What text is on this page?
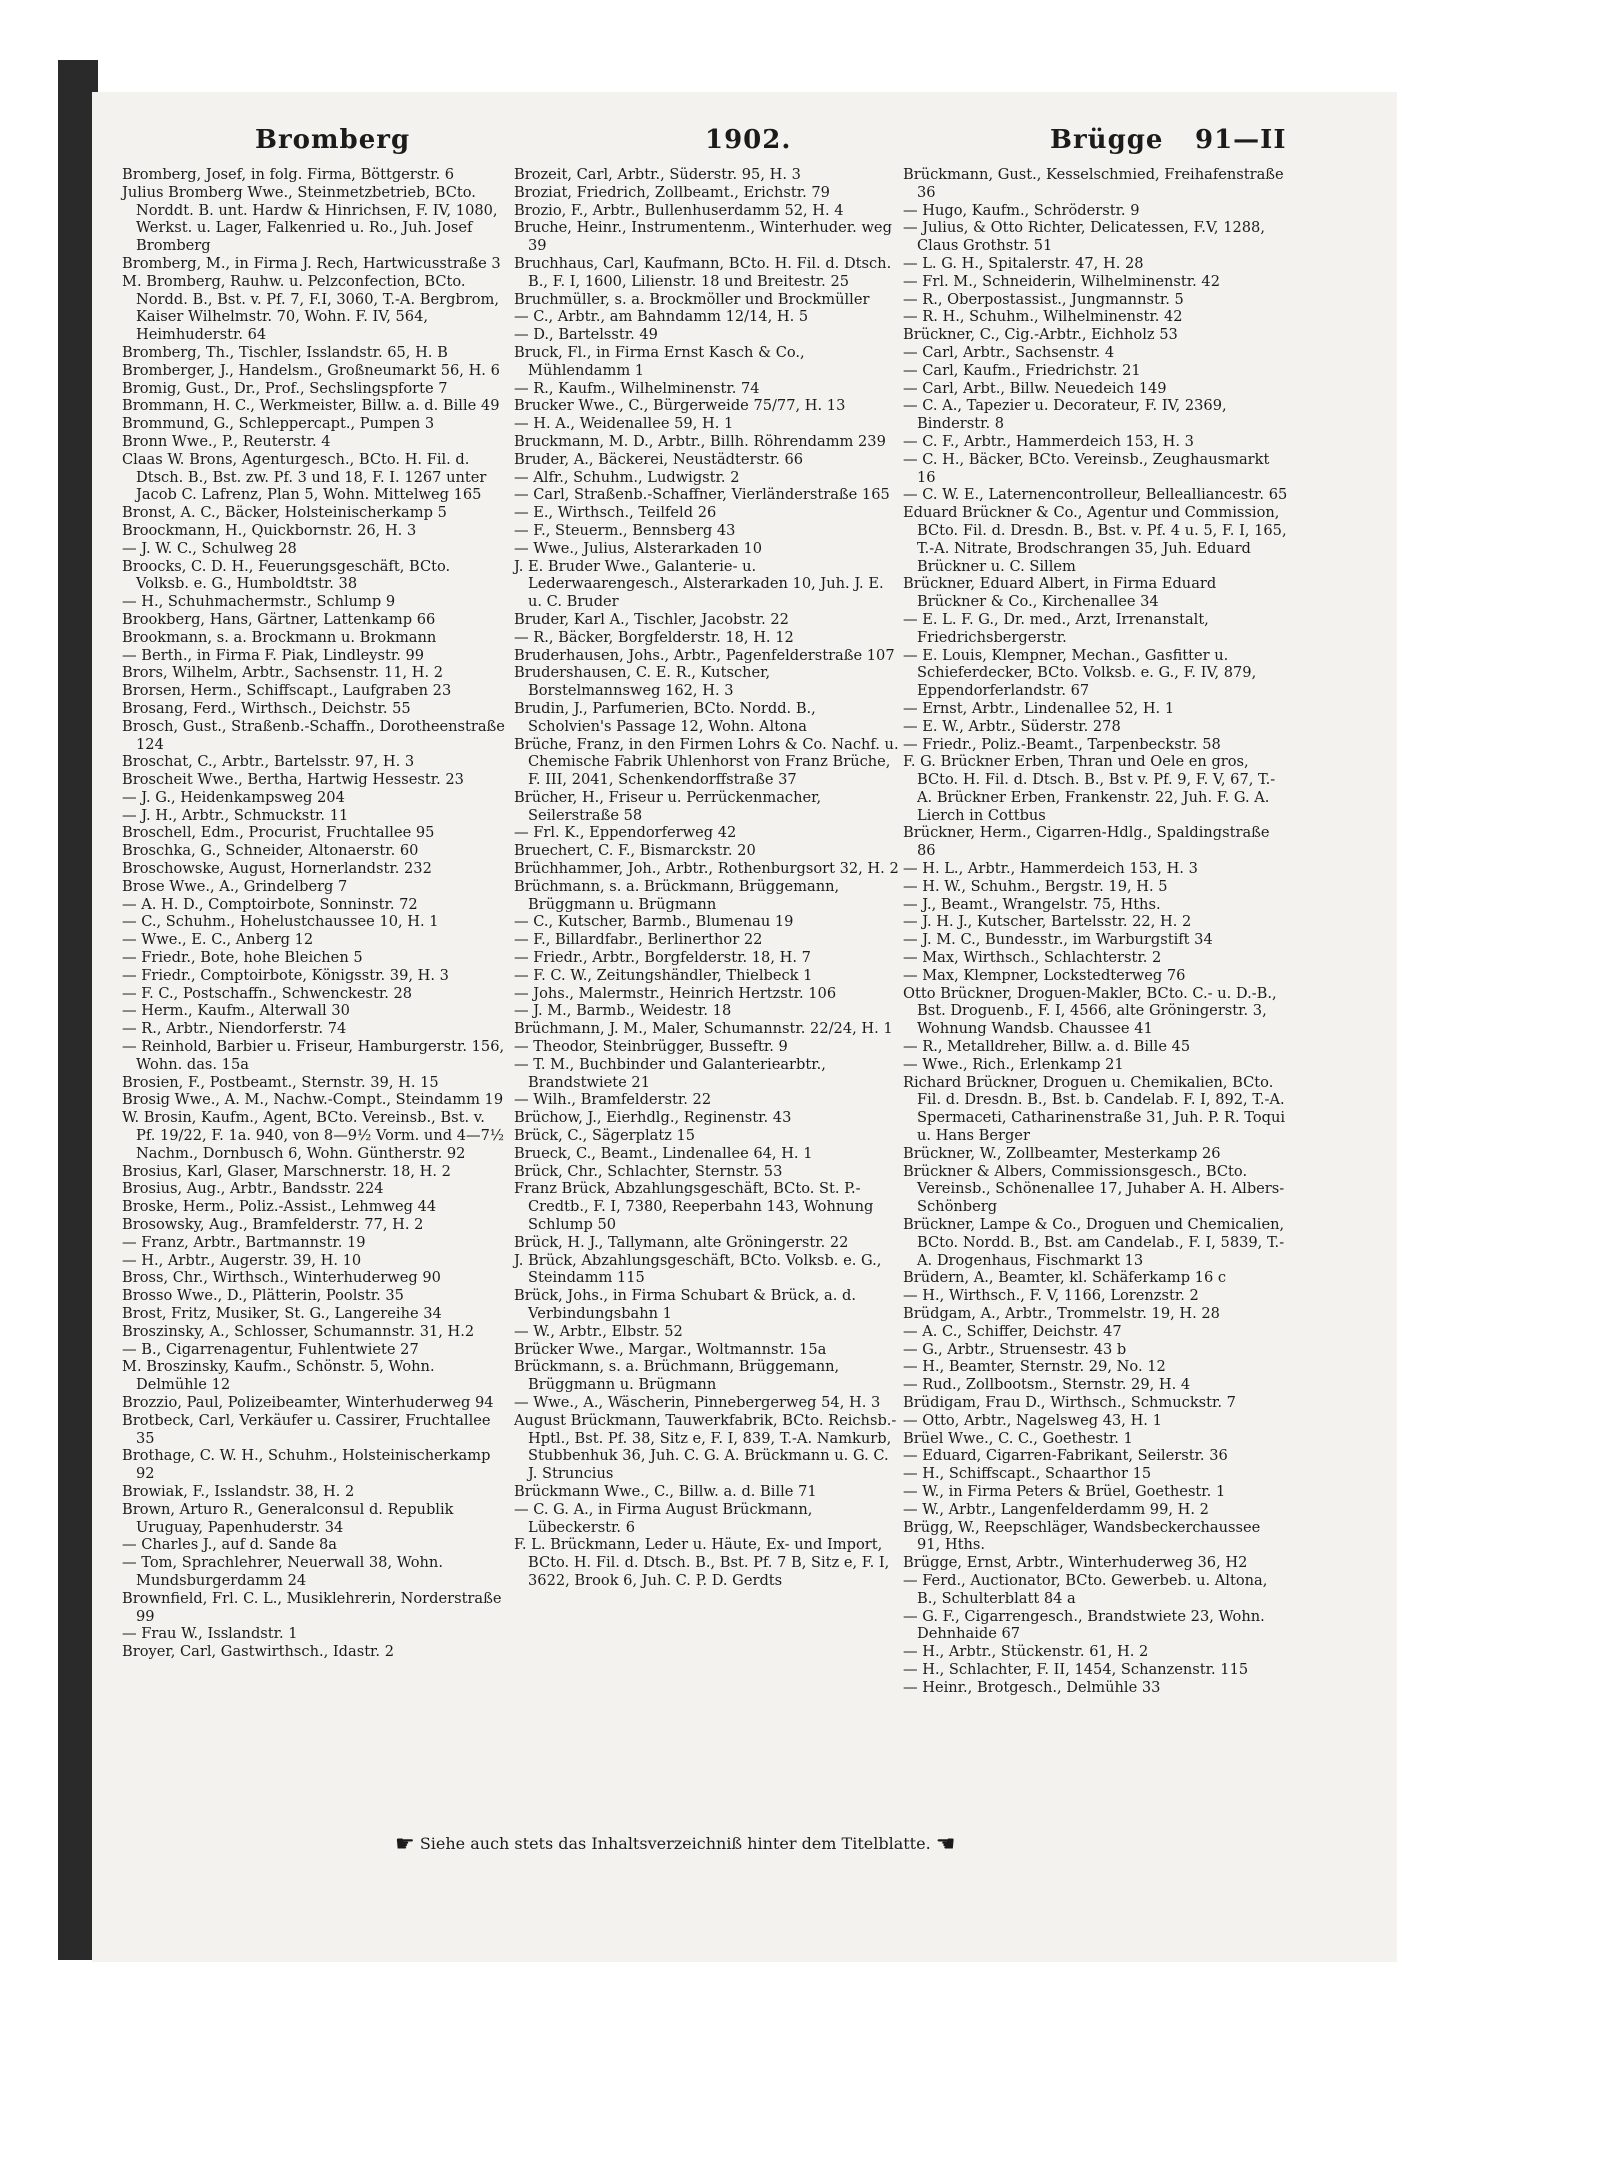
Bromberg	1902.	Brügge 91—II

Bromberg, Josef, in folg. Firma, Böttgerstr. 6

Julius Bromberg Wwe., Steinmetzbetrieb, BCto. Norddt. B. unt. Hardw & Hinrichsen, F. IV, 1080, Werkst. u. Lager, Falkenried u. Ro., Juh. Josef Bromberg

Bromberg, M., in Firma J. Rech, Hartwicusstraße 3

M. Bromberg, Rauhw. u. Pelzconfection, BCto. Nordd. B., Bst. v. Pf. 7, F.I, 3060, T.-A. Bergbrom, Kaiser Wilhelmstr. 70, Wohn. F. IV, 564, Heimhuderstr. 64

Bromberg, Th., Tischler, Isslandstr. 65, H. B

Bromberger, J., Handelsm., Großneumarkt 56, H. 6

Bromig, Gust., Dr., Prof., Sechslingspforte 7

Brommann, H. C., Werkmeister, Billw. a. d. Bille 49

Brommund, G., Schleppercapt., Pumpen 3

Bronn Wwe., P., Reuterstr. 4

Claas W. Brons, Agenturgesch., BCto. H. Fil. d. Dtsch. B., Bst. zw. Pf. 3 und 18, F. I. 1267 unter Jacob C. Lafrenz, Plan 5, Wohn. Mittelweg 165

Bronst, A. C., Bäcker, Holsteinischerkamp 5

Broockmann, H., Quickbornstr. 26, H. 3

— J. W. C., Schulweg 28

Broocks, C. D. H., Feuerungsgeschäft, BCto. Volksb. e. G., Humboldtstr. 38

— H., Schuhmachermstr., Schlump 9

Brookberg, Hans, Gärtner, Lattenkamp 66

Brookmann, s. a. Brockmann u. Brokmann

— Berth., in Firma F. Piak, Lindleystr. 99

Brors, Wilhelm, Arbtr., Sachsenstr. 11, H. 2

Brorsen, Herm., Schiffscapt., Laufgraben 23

Brosang, Ferd., Wirthsch., Deichstr. 55

Brosch, Gust., Straßenb.-Schaffn., Dorotheenstraße 124

Broschat, C., Arbtr., Bartelsstr. 97, H. 3

Broscheit Wwe., Bertha, Hartwig Hessestr. 23

— J. G., Heidenkampsweg 204

— J. H., Arbtr., Schmuckstr. 11

Broschell, Edm., Procurist, Fruchtallee 95

Broschka, G., Schneider, Altonaerstr. 60

Broschowske, August, Hornerlandstr. 232

Brose Wwe., A., Grindelberg 7

— A. H. D., Comptoirbote, Sonninstr. 72

— C., Schuhm., Hohelustchaussee 10, H. 1

— Wwe., E. C., Anberg 12

— Friedr., Bote, hohe Bleichen 5

— Friedr., Comptoirbote, Königsstr. 39, H. 3

— F. C., Postschaffn., Schwenckestr. 28

— Herm., Kaufm., Alterwall 30

— R., Arbtr., Niendorferstr. 74

— Reinhold, Barbier u. Friseur, Hamburgerstr. 156, Wohn. das. 15a

Brosien, F., Postbeamt., Sternstr. 39, H. 15

Brosig Wwe., A. M., Nachw.-Compt., Steindamm 19

W. Brosin, Kaufm., Agent, BCto. Vereinsb., Bst. v. Pf. 19/22, F. 1a. 940, von 8—9½ Vorm. und 4—7½ Nachm., Dornbusch 6, Wohn. Güntherstr. 92

Brosius, Karl, Glaser, Marschnerstr. 18, H. 2

Brosius, Aug., Arbtr., Bandsstr. 224

Broske, Herm., Poliz.-Assist., Lehmweg 44

Brosowsky, Aug., Bramfelderstr. 77, H. 2

— Franz, Arbtr., Bartmannstr. 19

— H., Arbtr., Augerstr. 39, H. 10

Bross, Chr., Wirthsch., Winterhuderweg 90

Brosso Wwe., D., Plätterin, Poolstr. 35

Brost, Fritz, Musiker, St. G., Langereihe 34

Broszinsky, A., Schlosser, Schumannstr. 31, H.2

— B., Cigarrenagentur, Fuhlentwiete 27

M. Broszinsky, Kaufm., Schönstr. 5, Wohn. Delmühle 12

Brozzio, Paul, Polizeibeamter, Winterhuderweg 94

Brotbeck, Carl, Verkäufer u. Cassirer, Fruchtallee 35

Brothage, C. W. H., Schuhm., Holsteinischerkamp 92

Browiak, F., Isslandstr. 38, H. 2

Brown, Arturo R., Generalconsul d. Republik Uruguay, Papenhuderstr. 34

— Charles J., auf d. Sande 8a

— Tom, Sprachlehrer, Neuerwall 38, Wohn. Mundsburgerdamm 24

Brownfield, Frl. C. L., Musiklehrerin, Norderstraße 99

— Frau W., Isslandstr. 1

Broyer, Carl, Gastwirthsch., Idastr. 2

Brozeit, Carl, Arbtr., Süderstr. 95, H. 3

Broziat, Friedrich, Zollbeamt., Erichstr. 79

Brozio, F., Arbtr., Bullenhuserdamm 52, H. 4

Bruche, Heinr., Instrumentenm., Winterhuder. weg 39

Bruchhaus, Carl, Kaufmann, BCto. H. Fil. d. Dtsch. B., F. I, 1600, Lilienstr. 18 und Breitestr. 25

Bruchmüller, s. a. Brockmöller und Brockmüller

— C., Arbtr., am Bahndamm 12/14, H. 5

— D., Bartelsstr. 49

Bruck, Fl., in Firma Ernst Kasch & Co., Mühlendamm 1

— R., Kaufm., Wilhelminenstr. 74

Brucker Wwe., C., Bürgerweide 75/77, H. 13

— H. A., Weidenallee 59, H. 1

Bruckmann, M. D., Arbtr., Billh. Röhrendamm 239

Bruder, A., Bäckerei, Neustädterstr. 66

— Alfr., Schuhm., Ludwigstr. 2

— Carl, Straßenb.-Schaffner, Vierländerstraße 165

— E., Wirthsch., Teilfeld 26

— F., Steuerm., Bennsberg 43

— Wwe., Julius, Alsterarkaden 10

J. E. Bruder Wwe., Galanterie- u. Lederwaarengesch., Alsterarkaden 10, Juh. J. E. u. C. Bruder

Bruder, Karl A., Tischler, Jacobstr. 22

— R., Bäcker, Borgfelderstr. 18, H. 12

Bruderhausen, Johs., Arbtr., Pagenfelderstraße 107

Brudershausen, C. E. R., Kutscher, Borstelmannsweg 162, H. 3

Brudin, J., Parfumerien, BCto. Nordd. B., Scholvien's Passage 12, Wohn. Altona

Brüche, Franz, in den Firmen Lohrs & Co. Nachf. u. Chemische Fabrik Uhlenhorst von Franz Brüche, F. III, 2041, Schenkendorffstraße 37

Brücher, H., Friseur u. Perrückenmacher, Seilerstraße 58

— Frl. K., Eppendorferweg 42

Bruechert, C. F., Bismarckstr. 20

Brüchhammer, Joh., Arbtr., Rothenburgsort 32, H. 2

Brüchmann, s. a. Brückmann, Brüggemann, Brüggmann u. Brügmann

— C., Kutscher, Barmb., Blumenau 19

— F., Billardfabr., Berlinerthor 22

— Friedr., Arbtr., Borgfelderstr. 18, H. 7

— F. C. W., Zeitungshändler, Thielbeck 1

— Johs., Malermstr., Heinrich Hertzstr. 106

— J. M., Barmb., Weidestr. 18

Brüchmann, J. M., Maler, Schumannstr. 22/24, H. 1

— Theodor, Steinbrügger, Busseftr. 9

— T. M., Buchbinder und Galanteriearbtr., Brandstwiete 21

— Wilh., Bramfelderstr. 22

Brüchow, J., Eierhdlg., Reginenstr. 43

Brück, C., Sägerplatz 15

Brueck, C., Beamt., Lindenallee 64, H. 1

Brück, Chr., Schlachter, Sternstr. 53

Franz Brück, Abzahlungsgeschäft, BCto. St. P.-Credtb., F. I, 7380, Reeperbahn 143, Wohnung Schlump 50

Brück, H. J., Tallymann, alte Gröningerstr. 22

J. Brück, Abzahlungsgeschäft, BCto. Volksb. e. G., Steindamm 115

Brück, Johs., in Firma Schubart & Brück, a. d. Verbindungsbahn 1

— W., Arbtr., Elbstr. 52

Brücker Wwe., Margar., Woltmannstr. 15a

Brückmann, s. a. Brüchmann, Brüggemann, Brüggmann u. Brügmann

— Wwe., A., Wäscherin, Pinnebergerweg 54, H. 3

August Brückmann, Tauwerkfabrik, BCto. Reichsb.-Hptl., Bst. Pf. 38, Sitz e, F. I, 839, T.-A. Namkurb, Stubbenhuk 36, Juh. C. G. A. Brückmann u. G. C. J. Struncius

Brückmann Wwe., C., Billw. a. d. Bille 71

— C. G. A., in Firma August Brückmann, Lübeckerstr. 6

F. L. Brückmann, Leder u. Häute, Ex- und Import, BCto. H. Fil. d. Dtsch. B., Bst. Pf. 7 B, Sitz e, F. I, 3622, Brook 6, Juh. C. P. D. Gerdts

Brückmann, Gust., Kesselschmied, Freihafenstraße 36

— Hugo, Kaufm., Schröderstr. 9

— Julius, & Otto Richter, Delicatessen, F.V, 1288, Claus Grothstr. 51

— L. G. H., Spitalerstr. 47, H. 28

— Frl. M., Schneiderin, Wilhelminenstr. 42

— R., Oberpostassist., Jungmannstr. 5

— R. H., Schuhm., Wilhelminenstr. 42

Brückner, C., Cig.-Arbtr., Eichholz 53

— Carl, Arbtr., Sachsenstr. 4

— Carl, Kaufm., Friedrichstr. 21

— Carl, Arbt., Billw. Neuedeich 149

— C. A., Tapezier u. Decorateur, F. IV, 2369, Binderstr. 8

— C. F., Arbtr., Hammerdeich 153, H. 3

— C. H., Bäcker, BCto. Vereinsb., Zeughausmarkt 16

— C. W. E., Laternencontrolleur, Bellealliancestr. 65

Eduard Brückner & Co., Agentur und Commission, BCto. Fil. d. Dresdn. B., Bst. v. Pf. 4 u. 5, F. I, 165, T.-A. Nitrate, Brodschrangen 35, Juh. Eduard Brückner u. C. Sillem

Brückner, Eduard Albert, in Firma Eduard Brückner & Co., Kirchenallee 34

— E. L. F. G., Dr. med., Arzt, Irrenanstalt, Friedrichsbergerstr.

— E. Louis, Klempner, Mechan., Gasfitter u. Schieferdecker, BCto. Volksb. e. G., F. IV, 879, Eppendorferlandstr. 67

— Ernst, Arbtr., Lindenallee 52, H. 1

— E. W., Arbtr., Süderstr. 278

— Friedr., Poliz.-Beamt., Tarpenbeckstr. 58

F. G. Brückner Erben, Thran und Oele en gros, BCto. H. Fil. d. Dtsch. B., Bst v. Pf. 9, F. V, 67, T.-A. Brückner Erben, Frankenstr. 22, Juh. F. G. A. Lierch in Cottbus

Brückner, Herm., Cigarren-Hdlg., Spaldingstraße 86

— H. L., Arbtr., Hammerdeich 153, H. 3

— H. W., Schuhm., Bergstr. 19, H. 5

— J., Beamt., Wrangelstr. 75, Hths.

— J. H. J., Kutscher, Bartelsstr. 22, H. 2

— J. M. C., Bundesstr., im Warburgstift 34

— Max, Wirthsch., Schlachterstr. 2

— Max, Klempner, Lockstedterweg 76

Otto Brückner, Droguen-Makler, BCto. C.- u. D.-B., Bst. Droguenb., F. I, 4566, alte Gröningerstr. 3, Wohnung Wandsb. Chaussee 41

— R., Metalldreher, Billw. a. d. Bille 45

— Wwe., Rich., Erlenkamp 21

Richard Brückner, Droguen u. Chemikalien, BCto. Fil. d. Dresdn. B., Bst. b. Candelab. F. I, 892, T.-A. Spermaceti, Catharinenstraße 31, Juh. P. R. Toqui u. Hans Berger

Brückner, W., Zollbeamter, Mesterkamp 26

Brückner & Albers, Commissionsgesch., BCto. Vereinsb., Schönenallee 17, Juhaber A. H. Albers-Schönberg

Brückner, Lampe & Co., Droguen und Chemicalien, BCto. Nordd. B., Bst. am Candelab., F. I, 5839, T.-A. Drogenhaus, Fischmarkt 13

Brüdern, A., Beamter, kl. Schäferkamp 16 c

— H., Wirthsch., F. V, 1166, Lorenzstr. 2

Brüdgam, A., Arbtr., Trommelstr. 19, H. 28

— A. C., Schiffer, Deichstr. 47

— G., Arbtr., Struensestr. 43 b

— H., Beamter, Sternstr. 29, No. 12

— Rud., Zollbootsm., Sternstr. 29, H. 4

Brüdigam, Frau D., Wirthsch., Schmuckstr. 7

— Otto, Arbtr., Nagelsweg 43, H. 1

Brüel Wwe., C. C., Goethestr. 1

— Eduard, Cigarren-Fabrikant, Seilerstr. 36

— H., Schiffscapt., Schaarthor 15

— W., in Firma Peters & Brüel, Goethestr. 1

— W., Arbtr., Langenfelderdamm 99, H. 2

Brügg, W., Reepschläger, Wandsbeckerchaussee 91, Hths.

Brügge, Ernst, Arbtr., Winterhuderweg 36, H2

— Ferd., Auctionator, BCto. Gewerbeb. u. Altona, B., Schulterblatt 84 a

— G. F., Cigarrengesch., Brandstwiete 23, Wohn. Dehnhaide 67

— H., Arbtr., Stückenstr. 61, H. 2

— H., Schlachter, F. II, 1454, Schanzenstr. 115

— Heinr., Brotgesch., Delmühle 33

☛ Siehe auch stets das Inhaltsverzeichniß hinter dem Titelblatte. ☚
